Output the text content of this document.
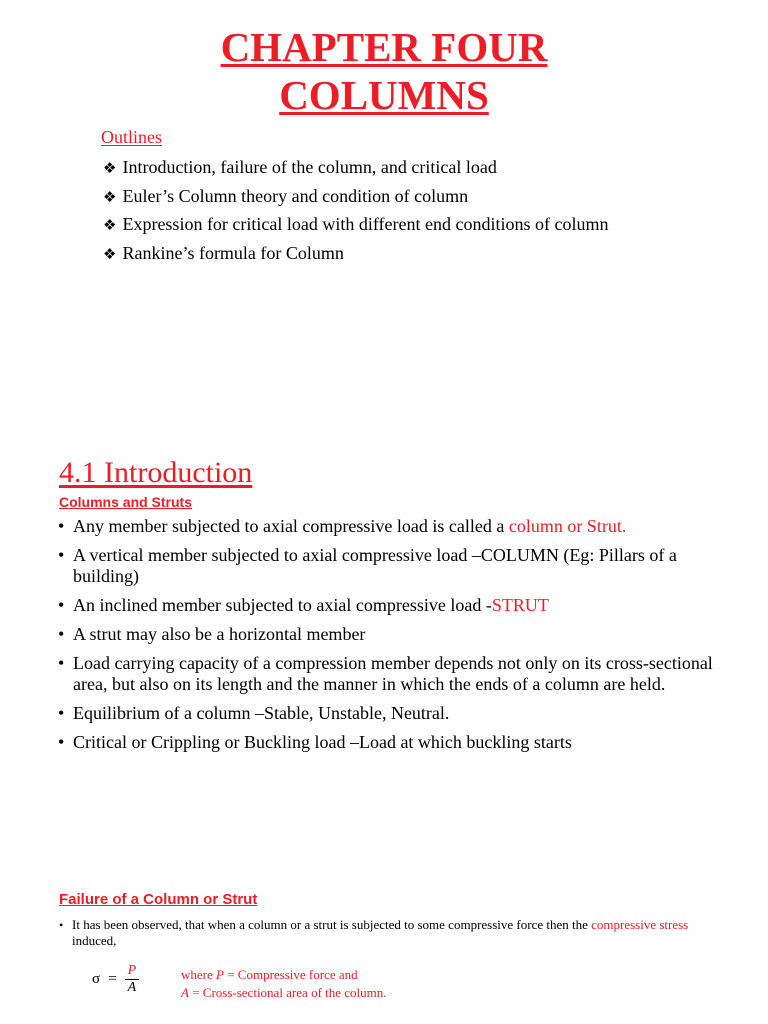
CHAPTER FOUR
COLUMNS
Outlines
❖ Introduction, failure of the column, and critical load
❖ Euler’s Column theory and condition of column
❖ Expression for critical load with different end conditions of column
❖ Rankine’s formula for Column
4.1 Introduction
Columns and Struts
• Any member subjected to axial compressive load is called a column or Strut.
• A vertical member subjected to axial compressive load –COLUMN (Eg: Pillars of a building)
• An inclined member subjected to axial compressive load -STRUT
• A strut may also be a horizontal member
• Load carrying capacity of a compression member depends not only on its cross-sectional area, but also on its length and the manner in which the ends of a column are held.
• Equilibrium of a column –Stable, Unstable, Neutral.
• Critical or Crippling or Buckling load –Load at which buckling starts
Failure of a Column or Strut
• It has been observed, that when a column or a strut is subjected to some compressive force then the compressive stress induced,
$\sigma = \frac{P}{A}$	where P = Compressive force and
A = Cross-sectional area of the column.
